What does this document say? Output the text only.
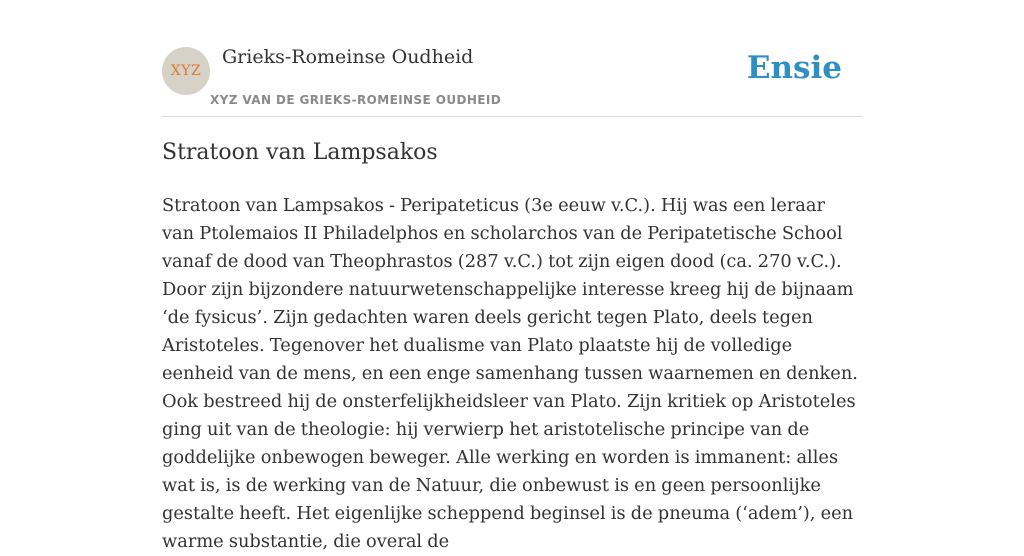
XYZ
Grieks-Romeinse Oudheid
XYZ VAN DE GRIEKS-ROMEINSE OUDHEID
Ensie
Stratoon van Lampsakos

Stratoon van Lampsakos - Peripateticus (3e eeuw v.C.). Hij was een leraar van Ptolemaios II Philadelphos en scholarchos van de Peripatetische School vanaf de dood van Theophrastos (287 v.C.) tot zijn eigen dood (ca. 270 v.C.). Door zijn bijzondere natuurwetenschappelijke interesse kreeg hij de bijnaam ‘de fysicus’. Zijn gedachten waren deels gericht tegen Plato, deels tegen Aristoteles. Tegenover het dualisme van Plato plaatste hij de volledige eenheid van de mens, en een enge samenhang tussen waarnemen en denken. Ook bestreed hij de onsterfelijkheidsleer van Plato. Zijn kritiek op Aristoteles ging uit van de theologie: hij verwierp het aristotelische principe van de goddelijke onbewogen beweger. Alle werking en worden is immanent: alles wat is, is de werking van de Natuur, die onbewust is en geen persoonlijke gestalte heeft. Het eigenlijke scheppend beginsel is de pneuma (‘adem’), een warme substantie, die overal de
